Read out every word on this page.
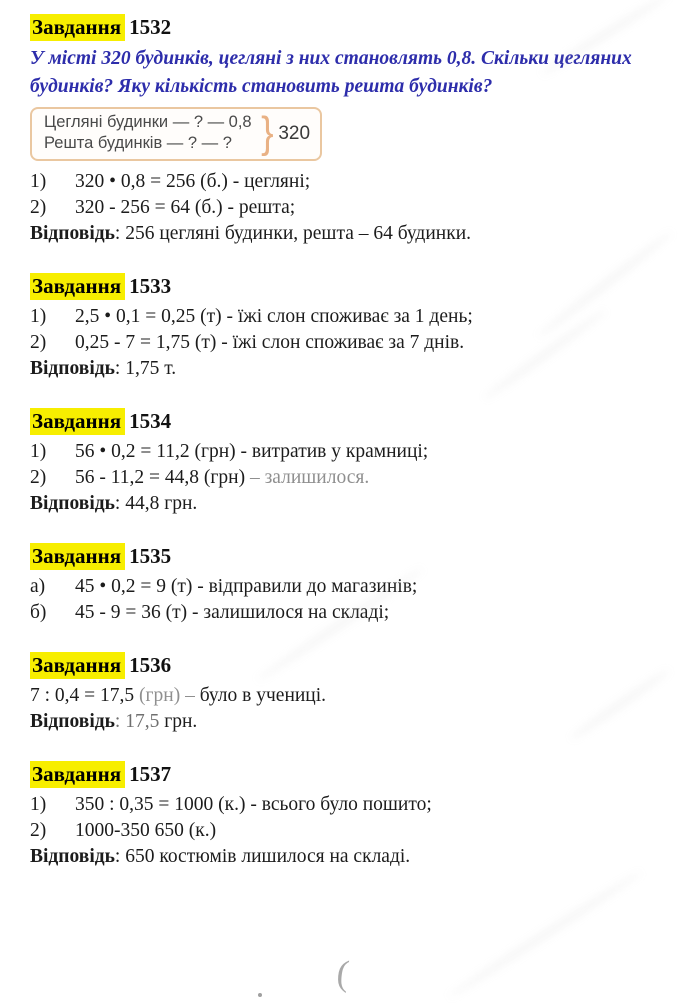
Завдання 1532

У місті 320 будинків, цегляні з них становлять 0,8. Скільки цегляних
будинків? Яку кількість становить решта будинків?

Цегляні будинки — ? — 0,8
Решта будинків — ? — ? } 320
1)	320 • 0,8 = 256 (б.) - цегляні;
2)	320 - 256 = 64 (б.) - решта;
Відповідь: 256 цегляні будинки, решта – 64 будинки.
Завдання 1533
1)	2,5 • 0,1 = 0,25 (т) - їжі слон споживає за 1 день;
2)	0,25 - 7 = 1,75 (т) - їжі слон споживає за 7 днів.
Відповідь: 1,75 т.
Завдання 1534
1)	56 • 0,2 = 11,2 (грн) - витратив у крамниці;
2)	56 - 11,2 = 44,8 (грн) – залишилося.
Відповідь: 44,8 грн.
Завдання 1535
а)	45 • 0,2 = 9 (т) - відправили до магазинів;
б)	45 - 9 = 36 (т) - залишилося на складі;
Завдання 1536
7 : 0,4 = 17,5 (грн) – було в учениці.
Відповідь: 17,5 грн.
Завдання 1537
1)	350 : 0,35 = 1000 (к.) - всього було пошито;
2)	1000-350 650 (к.)
Відповідь: 650 костюмів лишилося на складі.
(
